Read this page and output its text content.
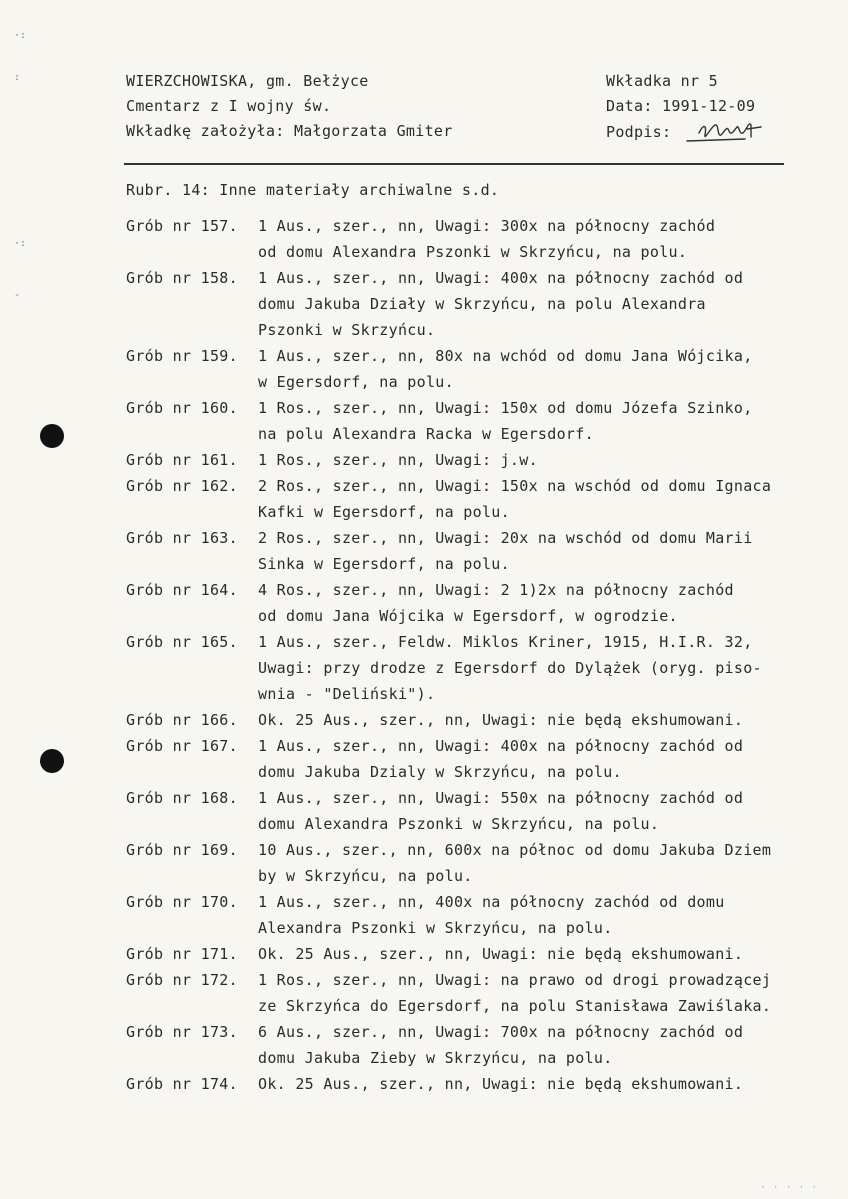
·:
:
·:
-
WIERZCHOWISKA, gm. Bełżyce
Cmentarz z I wojny św.
Wkładkę założyła: Małgorzata Gmiter
Wkładka nr 5
Data: 1991-12-09
Podpis:
Rubr. 14: Inne materiały archiwalne s.d.
Grób nr 157.	1 Aus., szer., nn, Uwagi: 300x na północny zachód
od domu Alexandra Pszonki w Skrzyńcu, na polu.
Grób nr 158.	1 Aus., szer., nn, Uwagi: 400x na północny zachód od
domu Jakuba Działy w Skrzyńcu, na polu Alexandra
Pszonki w Skrzyńcu.
Grób nr 159.	1 Aus., szer., nn, 80x na wchód od domu Jana Wójcika,
w Egersdorf, na polu.
Grób nr 160.	1 Ros., szer., nn, Uwagi: 150x od domu Józefa Szinko,
na polu Alexandra Racka w Egersdorf.
Grób nr 161.	1 Ros., szer., nn, Uwagi: j.w.
Grób nr 162.	2 Ros., szer., nn, Uwagi: 150x na wschód od domu Ignaca
Kafki w Egersdorf, na polu.
Grób nr 163.	2 Ros., szer., nn, Uwagi: 20x na wschód od domu Marii
Sinka w Egersdorf, na polu.
Grób nr 164.	4 Ros., szer., nn, Uwagi: 2 1)2x na północny zachód
od domu Jana Wójcika w Egersdorf, w ogrodzie.
Grób nr 165.	1 Aus., szer., Feldw. Miklos Kriner, 1915, H.I.R. 32,
Uwagi: przy drodze z Egersdorf do Dylążek (oryg. piso-
wnia - "Deliński").
Grób nr 166.	Ok. 25 Aus., szer., nn, Uwagi: nie będą ekshumowani.
Grób nr 167.	1 Aus., szer., nn, Uwagi: 400x na północny zachód od
domu Jakuba Dzialy w Skrzyńcu, na polu.
Grób nr 168.	1 Aus., szer., nn, Uwagi: 550x na północny zachód od
domu Alexandra Pszonki w Skrzyńcu, na polu.
Grób nr 169.	10 Aus., szer., nn, 600x na północ od domu Jakuba Dziem
by w Skrzyńcu, na polu.
Grób nr 170.	1 Aus., szer., nn, 400x na północny zachód od domu
Alexandra Pszonki w Skrzyńcu, na polu.
Grób nr 171.	Ok. 25 Aus., szer., nn, Uwagi: nie będą ekshumowani.
Grób nr 172.	1 Ros., szer., nn, Uwagi: na prawo od drogi prowadzącej
ze Skrzyńca do Egersdorf, na polu Stanisława Zawiślaka.
Grób nr 173.	6 Aus., szer., nn, Uwagi: 700x na północny zachód od
domu Jakuba Zieby w Skrzyńcu, na polu.
Grób nr 174.	Ok. 25 Aus., szer., nn, Uwagi: nie będą ekshumowani.
· · · · ·
